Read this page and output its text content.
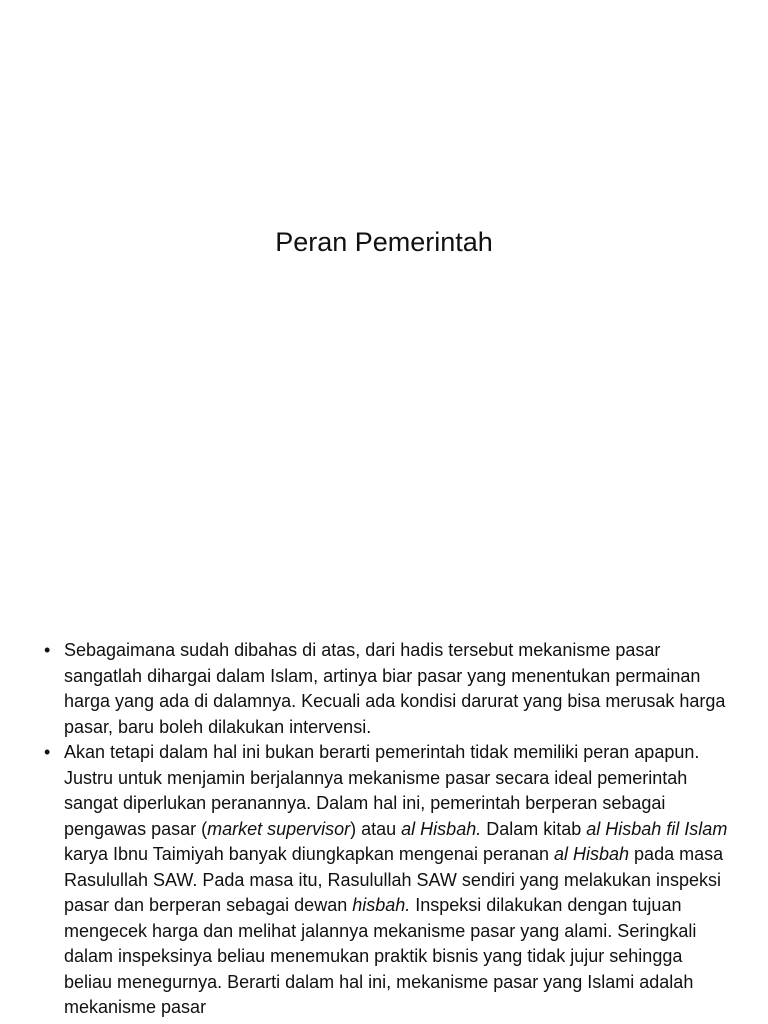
Peran Pemerintah
• Sebagaimana sudah dibahas di atas, dari hadis tersebut mekanisme pasar sangatlah dihargai dalam Islam, artinya biar pasar yang menentukan permainan harga yang ada di dalamnya. Kecuali ada kondisi darurat yang bisa merusak harga pasar, baru boleh dilakukan intervensi.
• Akan tetapi dalam hal ini bukan berarti pemerintah tidak memiliki peran apapun. Justru untuk menjamin berjalannya mekanisme pasar secara ideal pemerintah sangat diperlukan peranannya. Dalam hal ini, pemerintah berperan sebagai pengawas pasar (market supervisor) atau al Hisbah. Dalam kitab al Hisbah fil Islam karya Ibnu Taimiyah banyak diungkapkan mengenai peranan al Hisbah pada masa Rasulullah SAW. Pada masa itu, Rasulullah SAW sendiri yang melakukan inspeksi pasar dan berperan sebagai dewan hisbah. Inspeksi dilakukan dengan tujuan mengecek harga dan melihat jalannya mekanisme pasar yang alami. Seringkali dalam inspeksinya beliau menemukan praktik bisnis yang tidak jujur sehingga beliau menegurnya. Berarti dalam hal ini, mekanisme pasar yang Islami adalah mekanisme pasar
